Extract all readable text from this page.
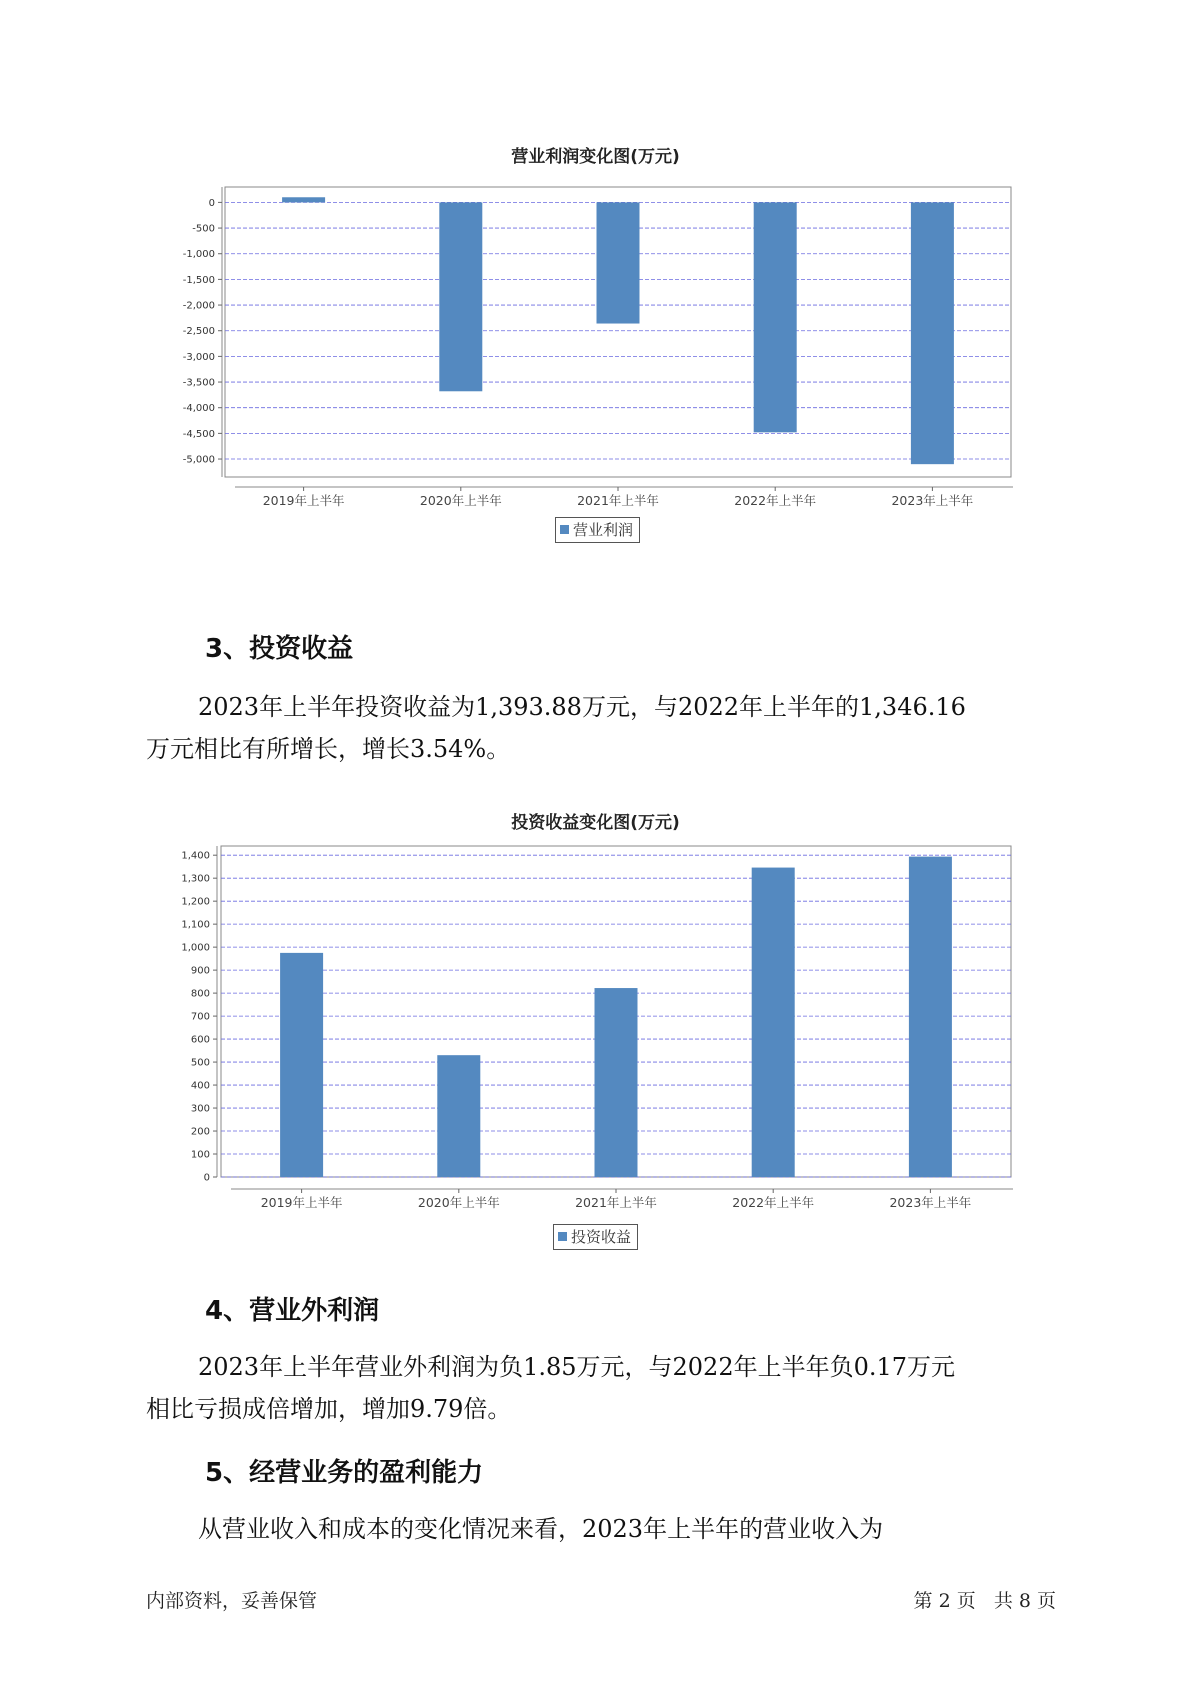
营业利润变化图(万元)
0
-500
-1,000
-1,500
-2,000
-2,500
-3,000
-3,500
-4,000
-4,500
-5,000
2019年上半年	2020年上半年	2021年上半年	2022年上半年	2023年上半年
营业利润
3、投资收益
2023年上半年投资收益为1,393.88万元，与2022年上半年的1,346.16
万元相比有所增长，增长3.54%。
投资收益变化图(万元)
0
100
200
300
400
500
600
700
800
900
1,000
1,100
1,200
1,300
1,400
2019年上半年	2020年上半年	2021年上半年	2022年上半年	2023年上半年
投资收益
4、营业外利润
2023年上半年营业外利润为负1.85万元，与2022年上半年负0.17万元
相比亏损成倍增加，增加9.79倍。
5、经营业务的盈利能力
从营业收入和成本的变化情况来看，2023年上半年的营业收入为
内部资料，妥善保管	第 2 页   共 8 页
